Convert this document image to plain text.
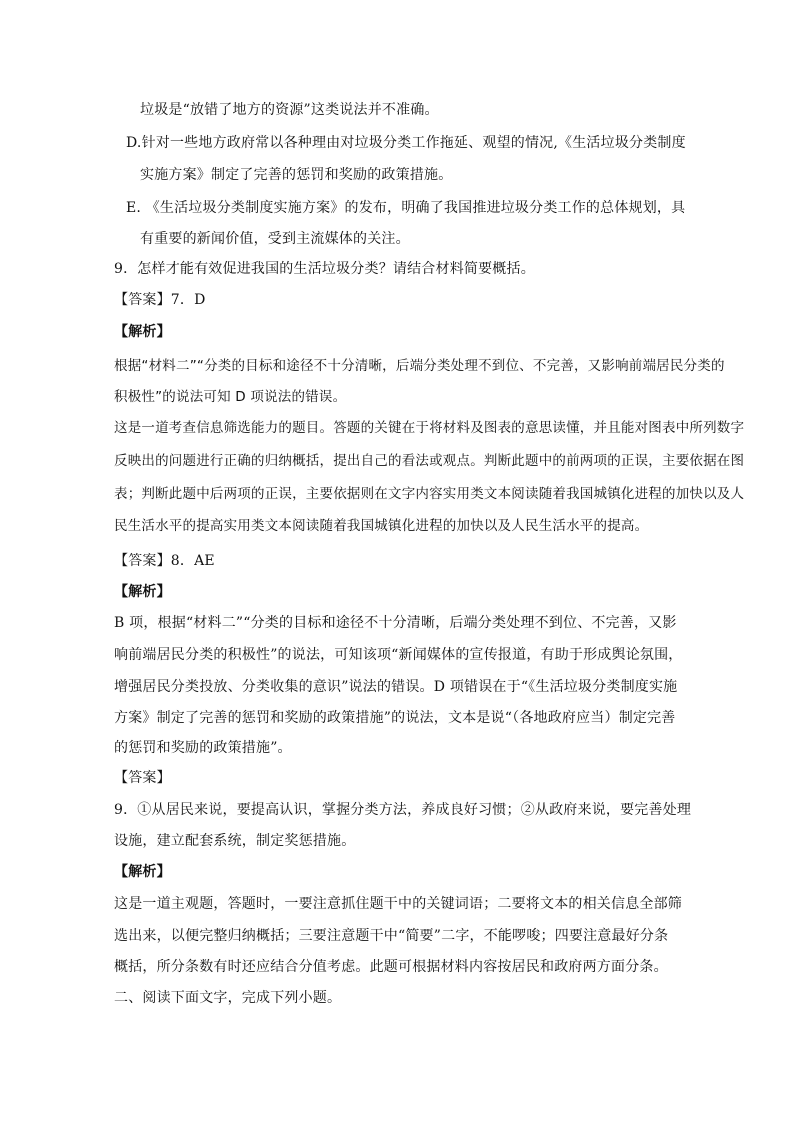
垃圾是“放错了地方的资源”这类说法并不准确。
D.针对一些地方政府常以各种理由对垃圾分类工作拖延、观望的情况,《生活垃圾分类制度
实施方案》制定了完善的惩罚和奖励的政策措施。
E. 《生活垃圾分类制度实施方案》的发布，明确了我国推进垃圾分类工作的总体规划，具
有重要的新闻价值，受到主流媒体的关注。
9．怎样才能有效促进我国的生活垃圾分类？请结合材料简要概括。
【答案】7．D
【解析】
根据“材料二”“分类的目标和途径不十分清晰，后端分类处理不到位、不完善，又影响前端居民分类的
积极性”的说法可知 D 项说法的错误。
这是一道考查信息筛选能力的题目。答题的关键在于将材料及图表的意思读懂，并且能对图表中所列数字
反映出的问题进行正确的归纳概括，提出自己的看法或观点。判断此题中的前两项的正误，主要依据在图
表；判断此题中后两项的正误，主要依据则在文字内容实用类文本阅读随着我国城镇化进程的加快以及人
民生活水平的提高实用类文本阅读随着我国城镇化进程的加快以及人民生活水平的提高。
【答案】8．AE
【解析】
B 项，根据“材料二”“分类的目标和途径不十分清晰，后端分类处理不到位、不完善，又影
响前端居民分类的积极性”的说法，可知该项“新闻媒体的宣传报道，有助于形成舆论氛围，
增强居民分类投放、分类收集的意识”说法的错误。D 项错误在于“《生活垃圾分类制度实施
方案》制定了完善的惩罚和奖励的政策措施”的说法，文本是说“（各地政府应当）制定完善
的惩罚和奖励的政策措施”。
【答案】
9．①从居民来说，要提高认识，掌握分类方法，养成良好习惯；②从政府来说，要完善处理
设施，建立配套系统，制定奖惩措施。
【解析】
这是一道主观题，答题时，一要注意抓住题干中的关键词语；二要将文本的相关信息全部筛
选出来，以便完整归纳概括；三要注意题干中“简要”二字，不能啰唆；四要注意最好分条
概括，所分条数有时还应结合分值考虑。此题可根据材料内容按居民和政府两方面分条。
二、阅读下面文字，完成下列小题。
